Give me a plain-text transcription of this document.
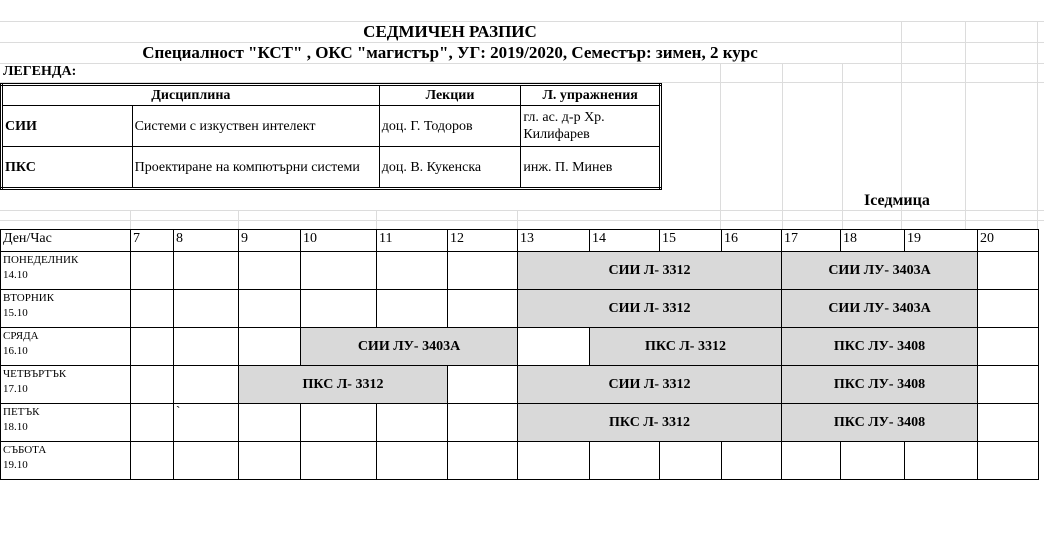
СЕДМИЧЕН РАЗПИС
Специалност "КСТ" , ОКС "магистър", УГ: 2019/2020, Семестър: зимен, 2 курс
ЛЕГЕНДА:
Дисциплина		Лекции	Л. упражнения
СИИ	Системи с изкуствен интелект	доц. Г. Тодоров	гл. ас. д-р Хр. Килифарев
ПКС	Проектиране на компютърни системи	доц. В. Кукенска	инж. П. Минев
Iседмица
Ден/Час	7	8	9	10	11	12	13	14	15	16	17	18	19	20
ПОНЕДЕЛНИК
14.10							СИИ Л- 3312				СИИ ЛУ- 3403А			
ВТОРНИК
15.10							СИИ Л- 3312				СИИ ЛУ- 3403А			
СРЯДА
16.10				СИИ ЛУ- 3403А				ПКС Л- 3312			ПКС ЛУ- 3408			
ЧЕТВЪРТЪК
17.10			ПКС Л- 3312				СИИ Л- 3312				ПКС ЛУ- 3408			
ПЕТЪК
18.10		`					ПКС Л- 3312				ПКС ЛУ- 3408			
СЪБОТА
19.10														
